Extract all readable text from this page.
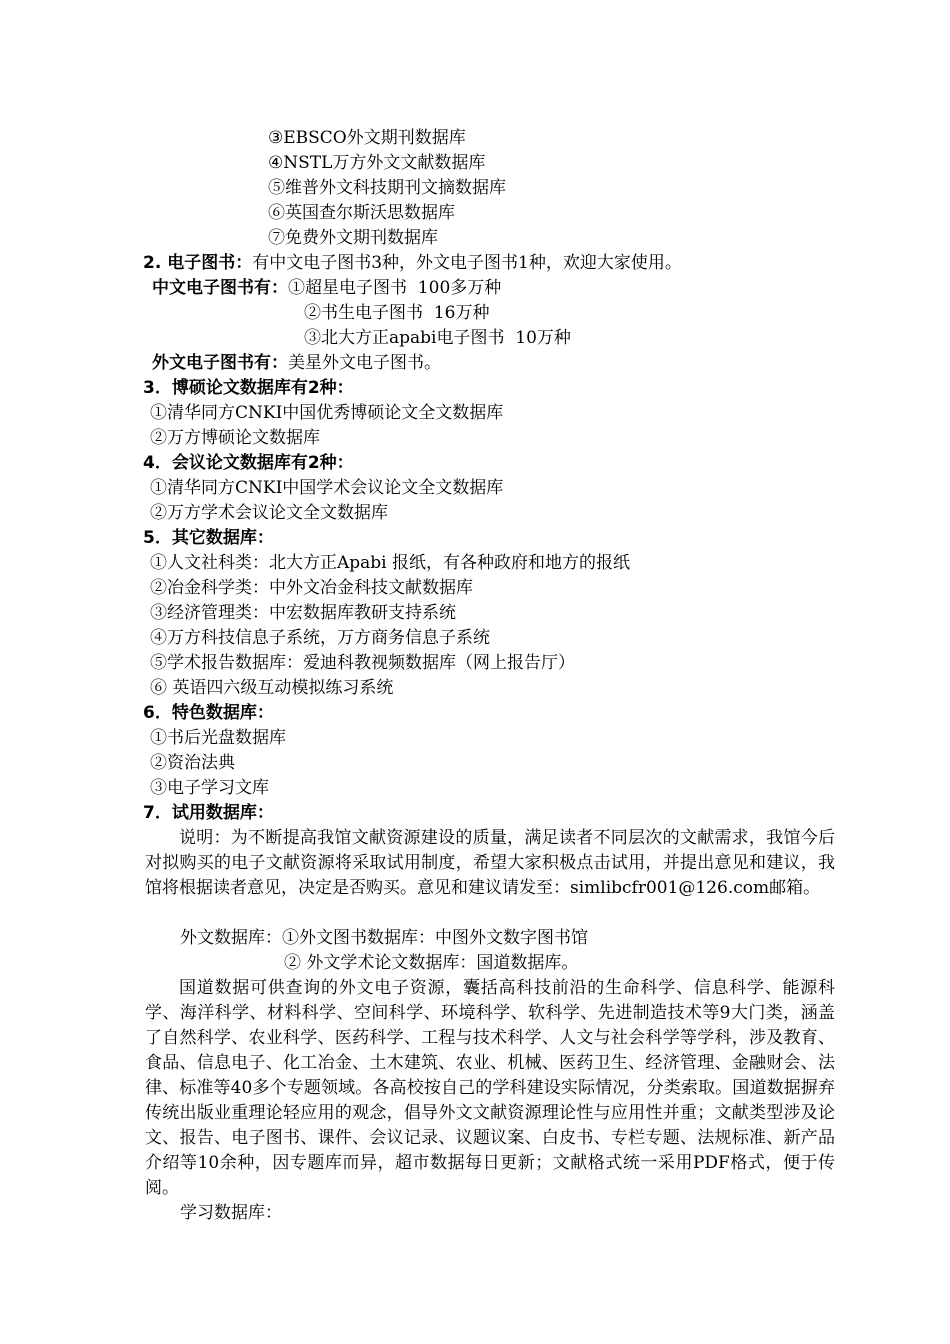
③EBSCO外文期刊数据库
④NSTL万方外文文献数据库
⑤维普外文科技期刊文摘数据库
⑥英国查尔斯沃思数据库
⑦免费外文期刊数据库
2. 电子图书：有中文电子图书3种，外文电子图书1种，欢迎大家使用。
中文电子图书有：①超星电子图书  100多万种
②书生电子图书  16万种
③北大方正apabi电子图书  10万种
外文电子图书有：美星外文电子图书。
3．博硕论文数据库有2种：
①清华同方CNKI中国优秀博硕论文全文数据库
②万方博硕论文数据库
4．会议论文数据库有2种：
①清华同方CNKI中国学术会议论文全文数据库
②万方学术会议论文全文数据库
5．其它数据库：
①人文社科类：北大方正Apabi 报纸，有各种政府和地方的报纸
②冶金科学类：中外文冶金科技文献数据库
③经济管理类：中宏数据库教研支持系统
④万方科技信息子系统，万方商务信息子系统
⑤学术报告数据库：爱迪科教视频数据库（网上报告厅）
⑥ 英语四六级互动模拟练习系统
6．特色数据库：
①书后光盘数据库
②资治法典
③电子学习文库
7．试用数据库：
说明：为不断提高我馆文献资源建设的质量，满足读者不同层次的文献需求，我馆今后对拟购买的电子文献资源将采取试用制度，希望大家积极点击试用，并提出意见和建议，我馆将根据读者意见，决定是否购买。意见和建议请发至：simlibcfr001@126.com邮箱。
外文数据库：①外文图书数据库：中图外文数字图书馆
② 外文学术论文数据库：国道数据库。
国道数据可供查询的外文电子资源，囊括高科技前沿的生命科学、信息科学、能源科学、海洋科学、材料科学、空间科学、环境科学、软科学、先进制造技术等9大门类，涵盖了自然科学、农业科学、医药科学、工程与技术科学、人文与社会科学等学科，涉及教育、食品、信息电子、化工冶金、土木建筑、农业、机械、医药卫生、经济管理、金融财会、法律、标准等40多个专题领域。各高校按自己的学科建设实际情况，分类索取。国道数据摒弃传统出版业重理论轻应用的观念，倡导外文文献资源理论性与应用性并重；文献类型涉及论文、报告、电子图书、课件、会议记录、议题议案、白皮书、专栏专题、法规标准、新产品介绍等10余种，因专题库而异，超市数据每日更新；文献格式统一采用PDF格式，便于传阅。
学习数据库：
